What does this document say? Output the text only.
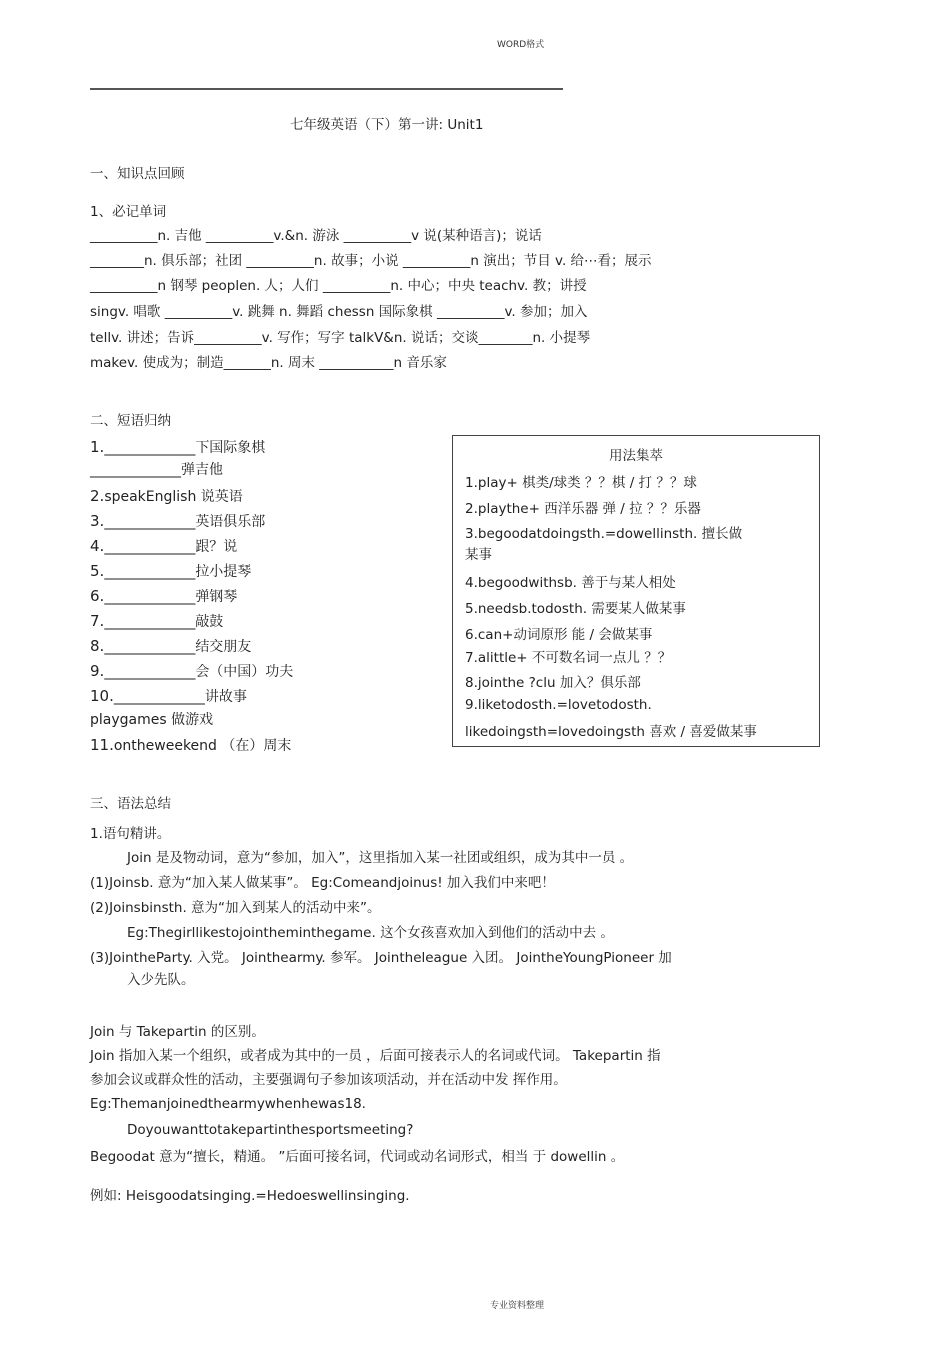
WORD格式
七年级英语（下）第一讲: Unit1
一、知识点回顾
1、必记单词
__________n. 吉他 __________v.&n. 游泳 __________v 说(某种语言)；说话
________n. 俱乐部；社团 __________n. 故事；小说 __________n 演出；节目 v. 给⋯看；展示
__________n 钢琴 peoplen. 人；人们 __________n. 中心；中央 teachv. 教；讲授
singv. 唱歌 __________v. 跳舞 n. 舞蹈 chessn 国际象棋 __________v. 参加；加入
tellv. 讲述；告诉__________v. 写作；写字 talkV&n. 说话；交谈________n. 小提琴
makev. 使成为；制造_______n. 周末 ___________n 音乐家
二、短语归纳
1._____________下国际象棋
_____________弹吉他
2.speakEnglish 说英语
3._____________英语俱乐部
4._____________跟？说
5._____________拉小提琴
6._____________弹钢琴
7._____________敲鼓
8._____________结交朋友
9._____________会（中国）功夫
10._____________讲故事
playgames 做游戏
11.ontheweekend （在）周末
用法集萃
1.play+ 棋类/球类 ？？棋 / 打 ？？球
2.playthe+ 西洋乐器 弹 / 拉 ？？乐器
3.begoodatdoingsth.=dowellinsth. 擅长做
某事
4.begoodwithsb. 善于与某人相处
5.needsb.todosth. 需要某人做某事
6.can+动词原形 能 / 会做某事
7.alittle+ 不可数名词一点儿 ？？
8.jointhe ?clu 加入？俱乐部
9.liketodosth.=lovetodosth.
likedoingsth=lovedoingsth 喜欢 / 喜爱做某事
三、语法总结
1.语句精讲。
Join 是及物动词，意为“参加，加入”，这里指加入某一社团或组织，成为其中一员 。
(1)Joinsb. 意为“加入某人做某事”。 Eg:Comeandjoinus! 加入我们中来吧！
(2)Joinsbinsth. 意为“加入到某人的活动中来”。
Eg:Thegirllikestojointheminthegame. 这个女孩喜欢加入到他们的活动中去 。
(3)JointheParty. 入党。 Jointhearmy. 参军。 Jointheleague 入团。 JointheYoungPioneer 加
入少先队。
Join 与 Takepartin 的区别。
Join 指加入某一个组织，或者成为其中的一员 ，后面可接表示人的名词或代词。 Takepartin 指
参加会议或群众性的活动，主要强调句子参加该项活动，并在活动中发 挥作用。
Eg:Themanjoinedthearmywhenhewas18.
Doyouwanttotakepartinthesportsmeeting?
Begoodat 意为“擅长，精通。 ”后面可接名词，代词或动名词形式，相当 于 dowellin 。
例如: Heisgoodatsinging.=Hedoeswellinsinging.
专业资料整理
